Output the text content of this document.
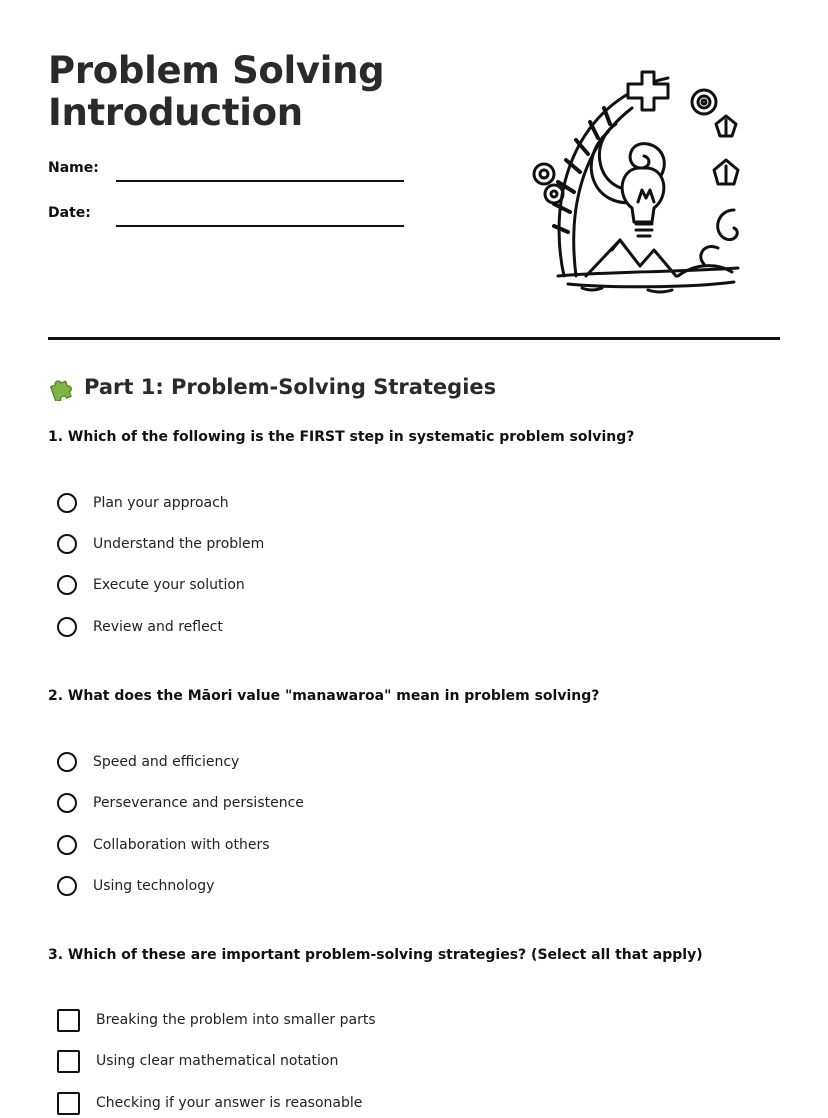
Problem Solving
Introduction
Name:
Date:
Part 1: Problem-Solving Strategies

1. Which of the following is the FIRST step in systematic problem solving?

Plan your approach
Understand the problem
Execute your solution
Review and reflect

2. What does the Māori value "manawaroa" mean in problem solving?

Speed and efficiency
Perseverance and persistence
Collaboration with others
Using technology

3. Which of these are important problem-solving strategies? (Select all that apply)

Breaking the problem into smaller parts
Using clear mathematical notation
Checking if your answer is reasonable
